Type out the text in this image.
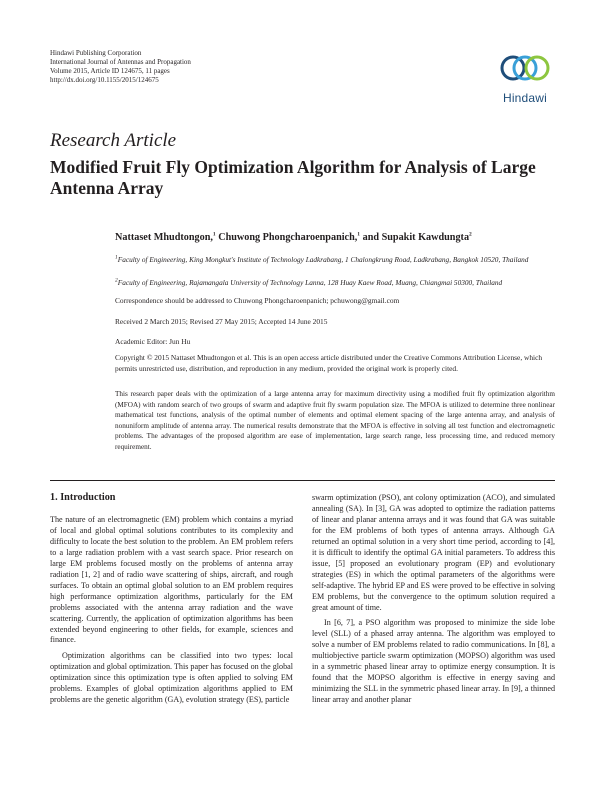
Hindawi Publishing Corporation
International Journal of Antennas and Propagation
Volume 2015, Article ID 124675, 11 pages
http://dx.doi.org/10.1155/2015/124675
Hindawi
Research Article
Modified Fruit Fly Optimization Algorithm for Analysis of Large Antenna Array
Nattaset Mhudtongon,$^1$ Chuwong Phongcharoenpanich,$^1$ and Supakit Kawdungta$^2$
$^1$Faculty of Engineering, King Mongkut's Institute of Technology Ladkrabang, 1 Chalongkrung Road, Ladkrabang, Bangkok 10520, Thailand
$^2$Faculty of Engineering, Rajamangala University of Technology Lanna, 128 Huay Kaew Road, Muang, Chiangmai 50300, Thailand
Correspondence should be addressed to Chuwong Phongcharoenpanich; pchuwong@gmail.com
Received 2 March 2015; Revised 27 May 2015; Accepted 14 June 2015
Academic Editor: Jun Hu
Copyright © 2015 Nattaset Mhudtongon et al. This is an open access article distributed under the Creative Commons Attribution License, which permits unrestricted use, distribution, and reproduction in any medium, provided the original work is properly cited.
This research paper deals with the optimization of a large antenna array for maximum directivity using a modified fruit fly optimization algorithm (MFOA) with random search of two groups of swarm and adaptive fruit fly swarm population size. The MFOA is utilized to determine three nonlinear mathematical test functions, analysis of the optimal number of elements and optimal element spacing of the large antenna array, and analysis of nonuniform amplitude of antenna array. The numerical results demonstrate that the MFOA is effective in solving all test function and electromagnetic problems. The advantages of the proposed algorithm are ease of implementation, large search range, less processing time, and reduced memory requirement.
1. Introduction

The nature of an electromagnetic (EM) problem which contains a myriad of local and global optimal solutions contributes to its complexity and difficulty to locate the best solution to the problem. An EM problem refers to a large radiation problem with a vast search space. Prior research on large EM problems focused mostly on the problems of antenna array radiation [1, 2] and of radio wave scattering of ships, aircraft, and rough surfaces. To obtain an optimal global solution to an EM problem requires high performance optimization algorithms, particularly for the EM problems associated with the antenna array radiation and the wave scattering. Currently, the application of optimization algorithms has been extended beyond engineering to other fields, for example, sciences and finance.

Optimization algorithms can be classified into two types: local optimization and global optimization. This paper has focused on the global optimization since this optimization type is often applied to solving EM problems. Examples of global optimization algorithms applied to EM problems are the genetic algorithm (GA), evolution strategy (ES), particle

swarm optimization (PSO), ant colony optimization (ACO), and simulated annealing (SA). In [3], GA was adopted to optimize the radiation patterns of linear and planar antenna arrays and it was found that GA was suitable for the EM problems of both types of antenna arrays. Although GA returned an optimal solution in a very short time period, according to [4], it is difficult to identify the optimal GA initial parameters. To address this issue, [5] proposed an evolutionary program (EP) and evolutionary strategies (ES) in which the optimal parameters of the algorithms were self-adaptive. The hybrid EP and ES were proved to be effective in solving EM problems, but the convergence to the optimum solution required a great amount of time.

In [6, 7], a PSO algorithm was proposed to minimize the side lobe level (SLL) of a phased array antenna. The algorithm was employed to solve a number of EM problems related to radio communications. In [8], a multiobjective particle swarm optimization (MOPSO) algorithm was used in a symmetric phased linear array to optimize energy consumption. It is found that the MOPSO algorithm is effective in energy saving and minimizing the SLL in the symmetric phased linear array. In [9], a thinned linear array and another planar
